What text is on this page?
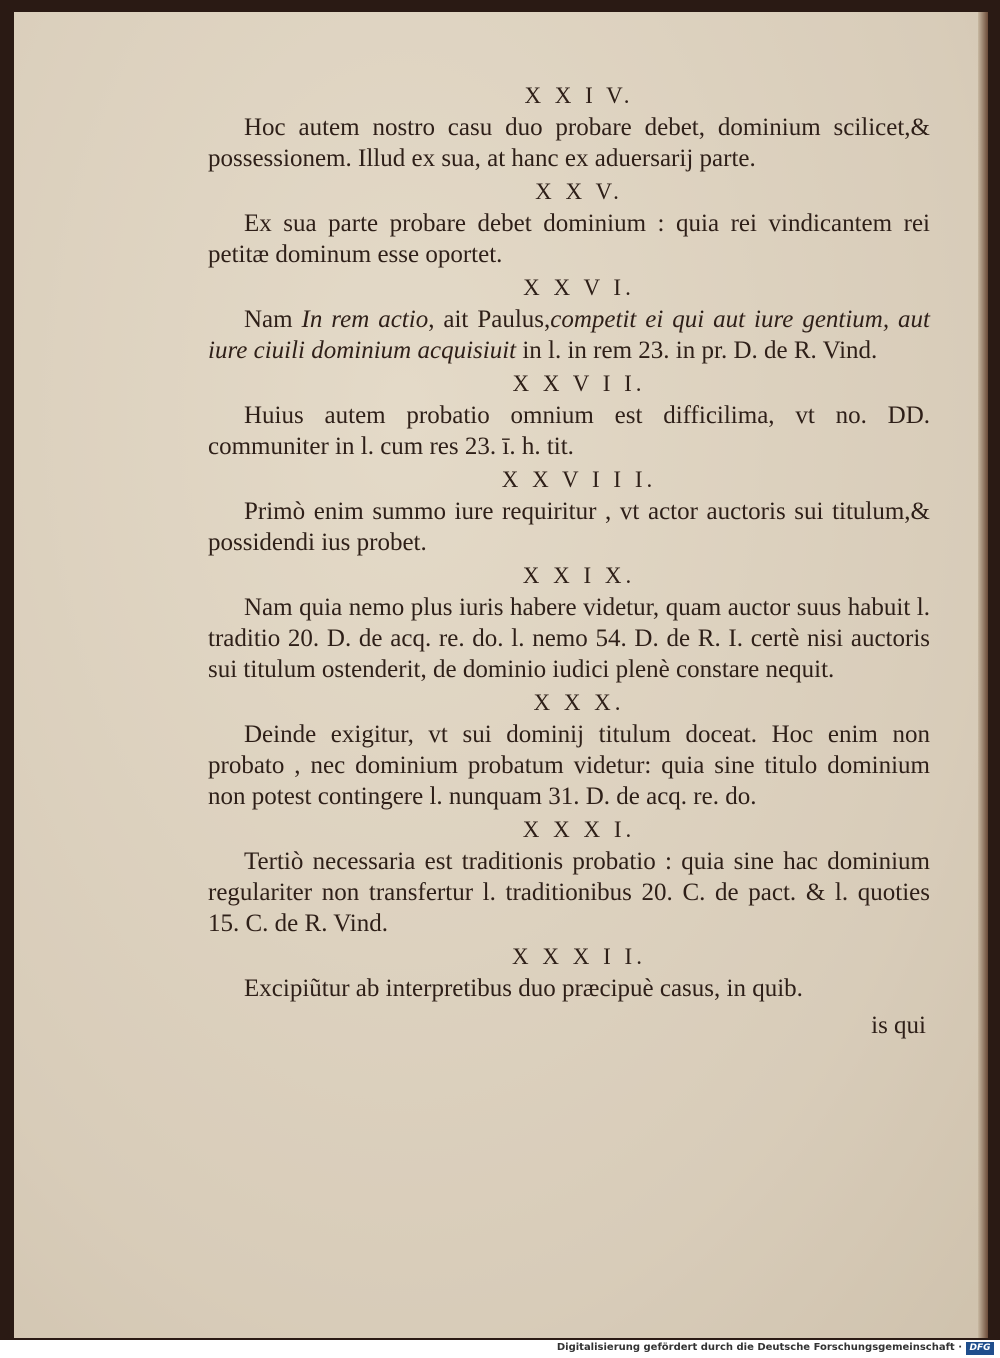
X X I V.

Hoc autem nostro casu duo probare debet, dominium scilicet,& possessionem. Illud ex sua, at hanc ex aduersarij parte.

X X V.

Ex sua parte probare debet dominium : quia rei vindicantem rei petitæ dominum esse oportet.

X X V I.

Nam In rem actio, ait Paulus,competit ei qui aut iure gentium, aut iure ciuili dominium acquisiuit in l. in rem 23. in pr. D. de R. Vind.

X X V I I.

Huius autem probatio omnium est difficilima, vt no. DD. communiter in l. cum res 23. ī. h. tit.

X X V I I I.

Primò enim summo iure requiritur , vt actor auctoris sui titulum,& possidendi ius probet.

X X I X.

Nam quia nemo plus iuris habere videtur, quam auctor suus habuit l. traditio 20. D. de acq. re. do. l. nemo 54. D. de R. I. certè nisi auctoris sui titulum ostenderit, de dominio iudici plenè constare nequit.

X X X.

Deinde exigitur, vt sui dominij titulum doceat. Hoc enim non probato , nec dominium probatum videtur: quia sine titulo dominium non potest contingere l. nunquam 31. D. de acq. re. do.

X X X I.

Tertiò necessaria est traditionis probatio : quia sine hac dominium regulariter non transfertur l. traditionibus 20. C. de pact. & l. quoties 15. C. de R. Vind.

X X X I I.

Excipiũtur ab interpretibus duo præcipuè casus, in quib.

is qui
Digitalisierung gefördert durch die Deutsche Forschungsgemeinschaft · DFG
